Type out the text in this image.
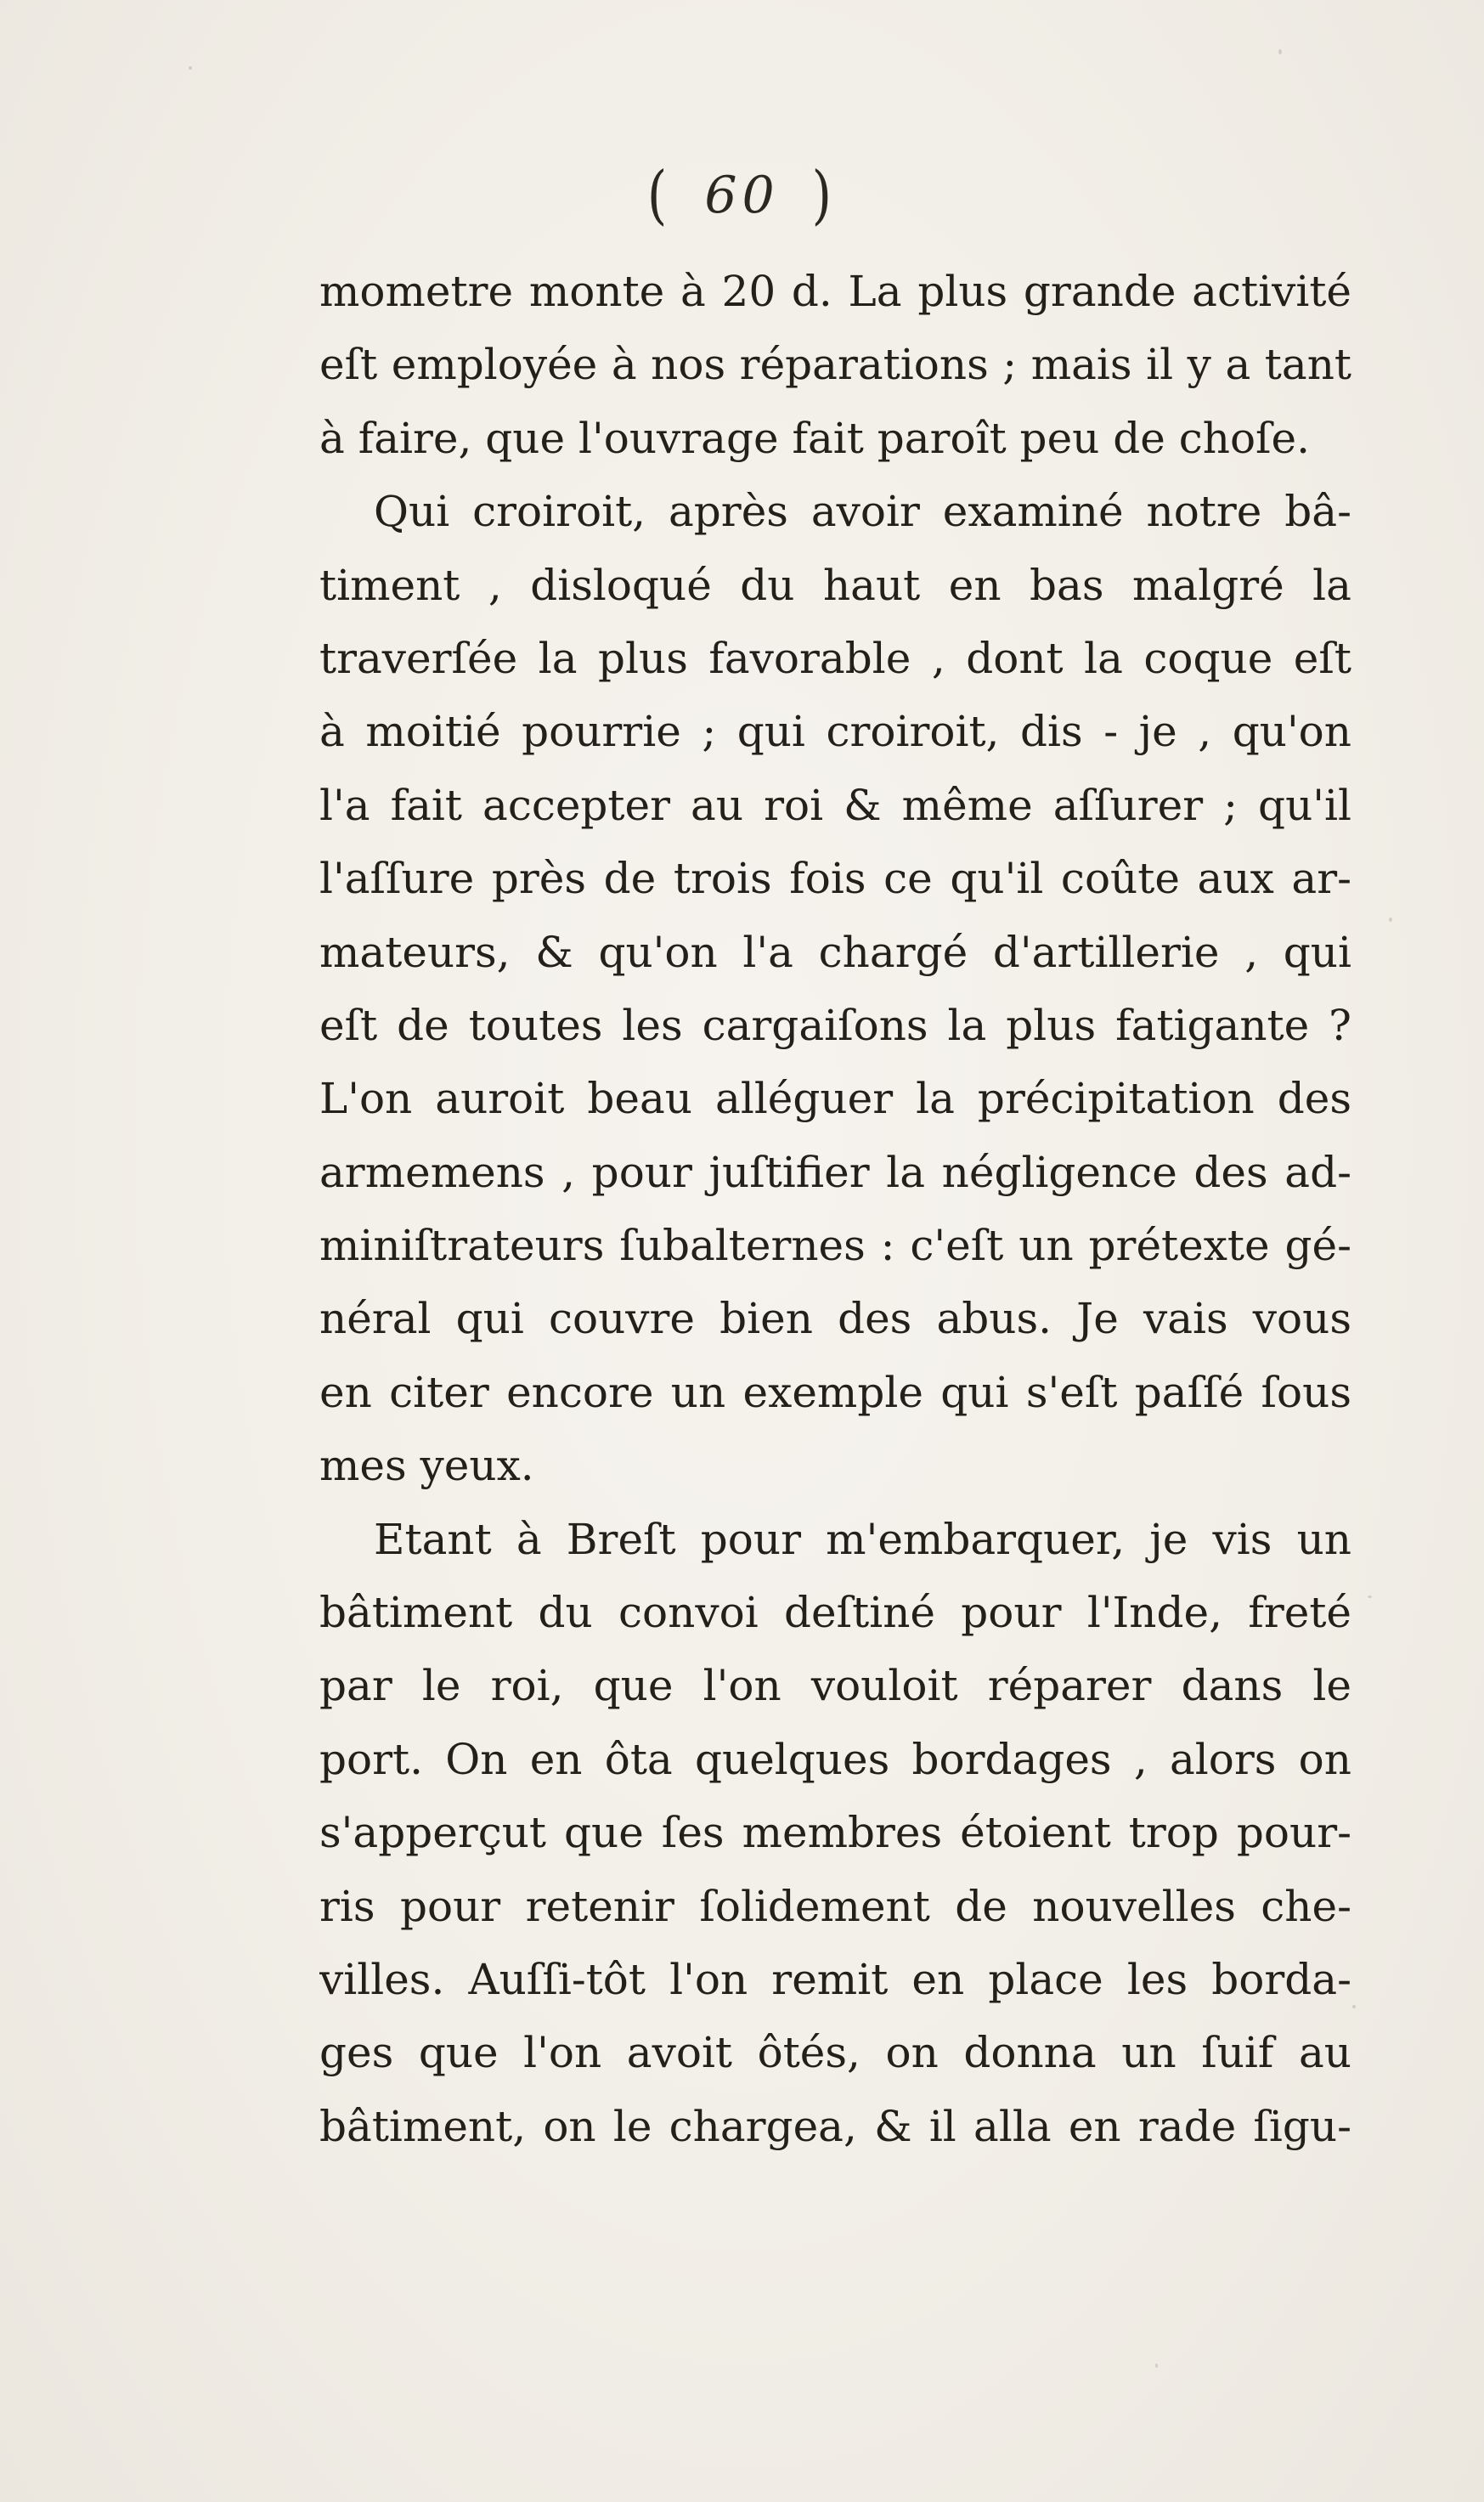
( 60 )
mometre monte à 20 d. La plus grande activité
eſt employée à nos réparations ; mais il y a tant
à faire, que l'ouvrage fait paroît peu de choſe.
Qui croiroit, après avoir examiné notre bâ-
timent , disloqué du haut en bas malgré la
traverſée la plus favorable , dont la coque eſt
à moitié pourrie ; qui croiroit, dis - je , qu'on
l'a fait accepter au roi & même aſſurer ; qu'il
l'aſſure près de trois fois ce qu'il coûte aux ar-
mateurs, & qu'on l'a chargé d'artillerie , qui
eſt de toutes les cargaiſons la plus fatigante ?
L'on auroit beau alléguer la précipitation des
armemens , pour juſtifier la négligence des ad-
miniſtrateurs ſubalternes : c'eſt un prétexte gé-
néral qui couvre bien des abus. Je vais vous
en citer encore un exemple qui s'eſt paſſé ſous
mes yeux.
Etant à Breſt pour m'embarquer, je vis un
bâtiment du convoi deſtiné pour l'Inde, freté
par le roi, que l'on vouloit réparer dans le
port. On en ôta quelques bordages , alors on
s'apperçut que ſes membres étoient trop pour-
ris pour retenir ſolidement de nouvelles che-
villes. Auſſi-tôt l'on remit en place les borda-
ges que l'on avoit ôtés, on donna un ſuif au
bâtiment, on le chargea, & il alla en rade ſigu-
